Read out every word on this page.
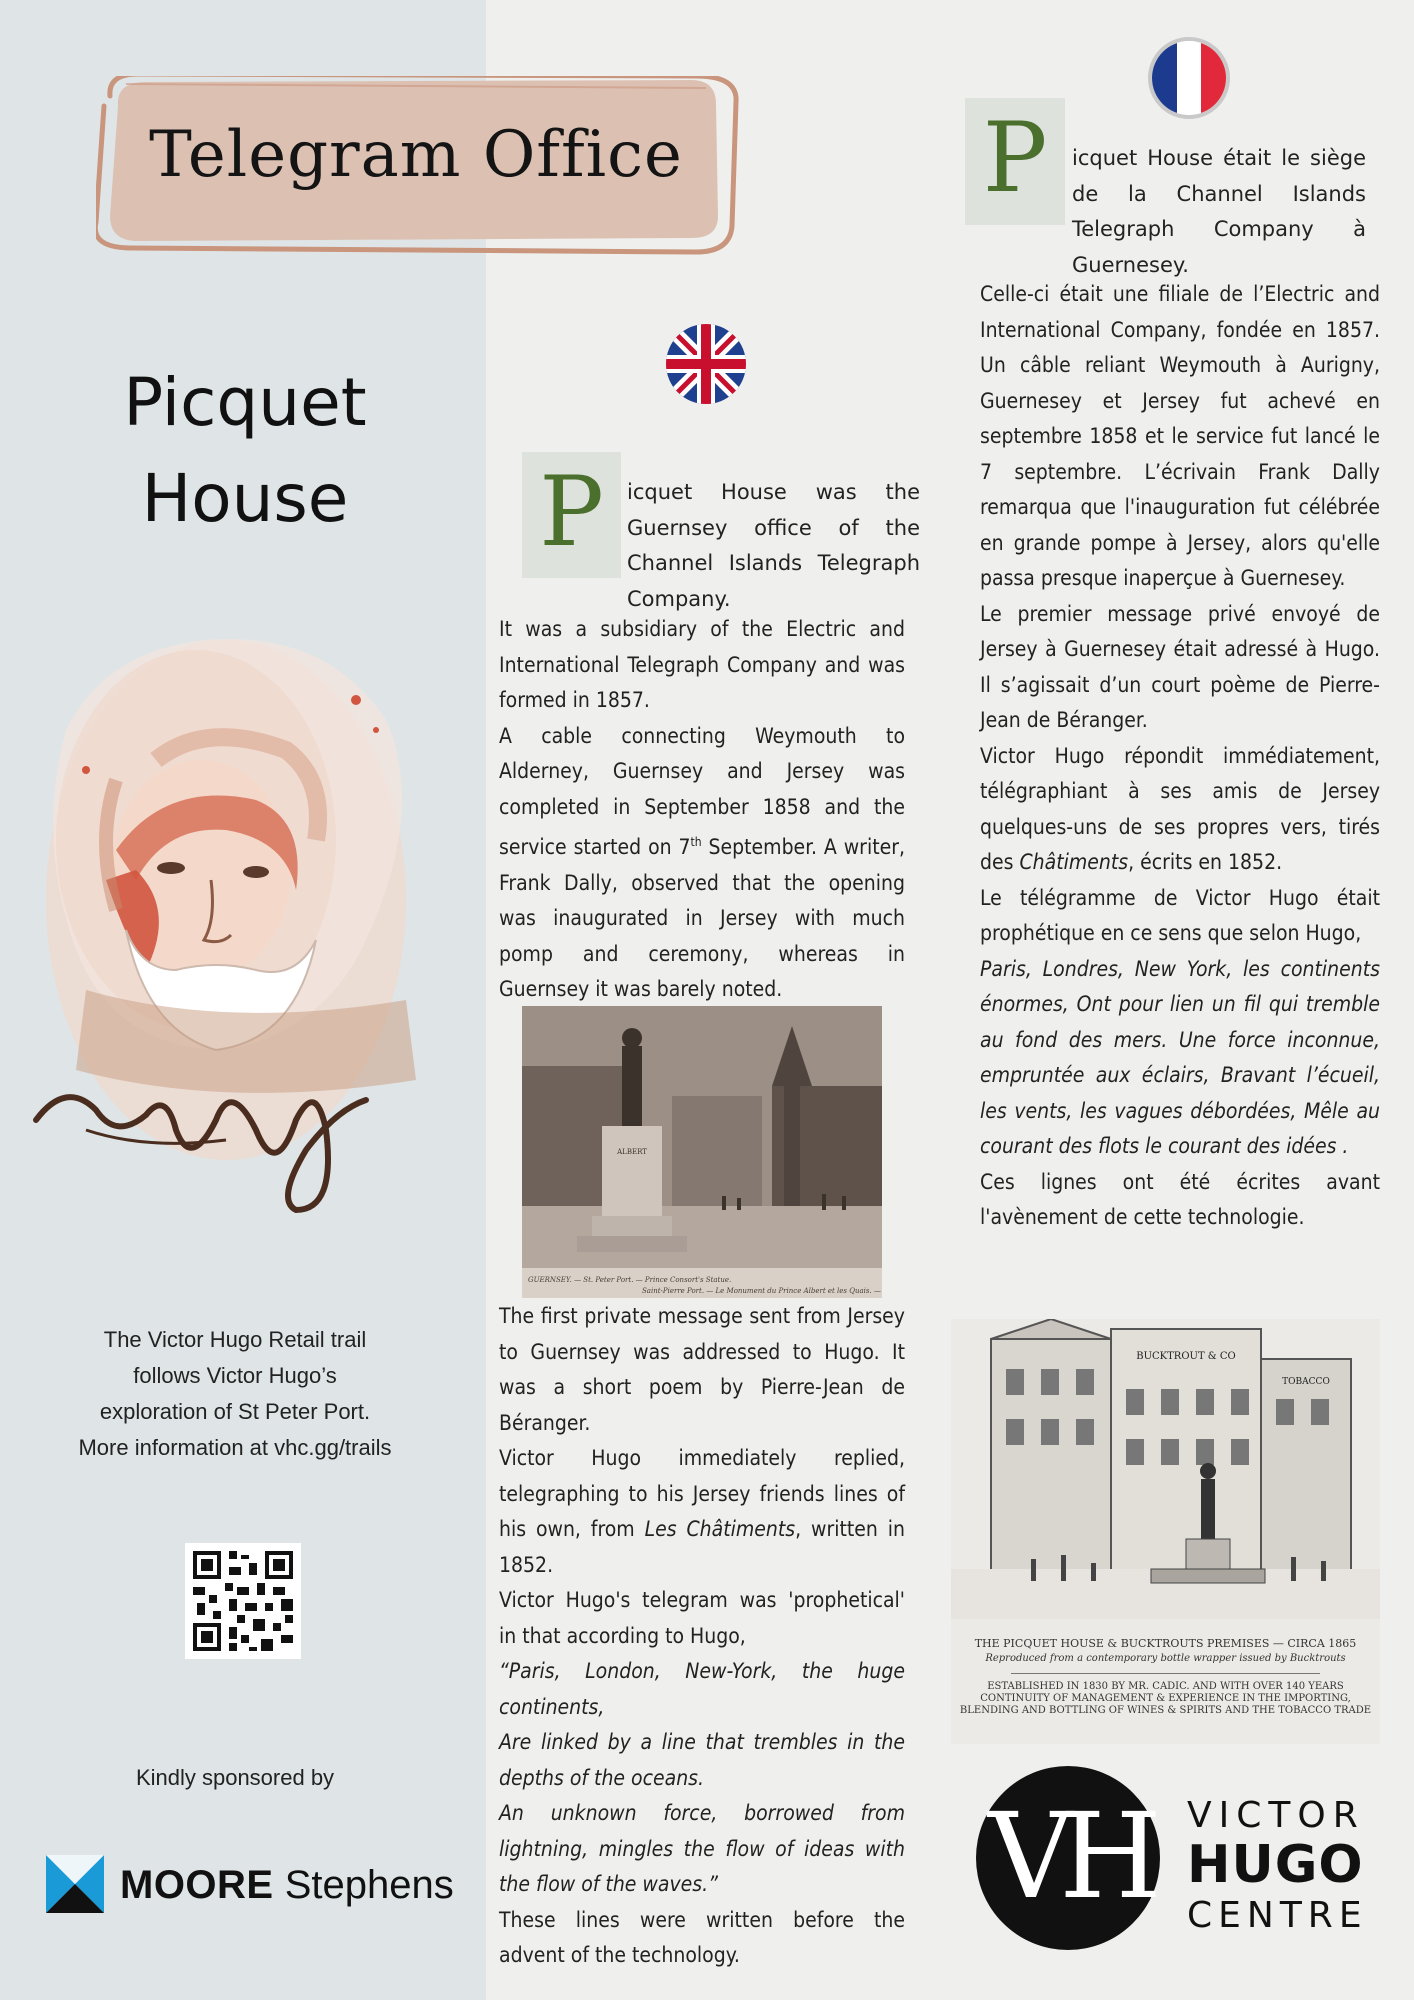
Telegram Office
Picquet
House
The Victor Hugo Retail trail
follows Victor Hugo’s
exploration of St Peter Port.
More information at vhc.gg/trails
Kindly sponsored by
MOORE Stephens
P	icquet House was the Guernsey office of the Channel Islands Telegraph Company.

It was a subsidiary of the Electric and International Telegraph Company and was formed in 1857.

A cable connecting Weymouth to Alderney, Guernsey and Jersey was completed in September 1858 and the service started on 7th September. A writer, Frank Dally, observed that the opening was inaugurated in Jersey with much pomp and ceremony, whereas in Guernsey it was barely noted.

ALBERT
GUERNSEY. — St. Peter Port. — Prince Consort's Statue.
Saint-Pierre Port. — Le Monument du Prince Albert et les Quais. —

The first private message sent from Jersey to Guernsey was addressed to Hugo. It was a short poem by Pierre-Jean de Béranger.

Victor Hugo immediately replied, telegraphing to his Jersey friends lines of his own, from Les Châtiments, written in 1852.

Victor Hugo's telegram was 'prophetical' in that according to Hugo,

“Paris, London, New-York, the huge continents,

Are linked by a line that trembles in the depths of the oceans.

An unknown force, borrowed from lightning, mingles the flow of ideas with the flow of the waves.”

These lines were written before the advent of the technology.

P	icquet House était le siège de la Channel Islands Telegraph Company à Guernesey.

Celle-ci était une filiale de l’Electric and International Company, fondée en 1857. Un câble reliant Weymouth à Aurigny, Guernesey et Jersey fut achevé en septembre 1858 et le service fut lancé le 7 septembre. L’écrivain Frank Dally remarqua que l'inauguration fut célébrée en grande pompe à Jersey, alors qu'elle passa presque inaperçue à Guernesey.

Le premier message privé envoyé de Jersey à Guernesey était adressé à Hugo. Il s’agissait d’un court poème de Pierre-Jean de Béranger.

Victor Hugo répondit immédiatement, télégraphiant à ses amis de Jersey quelques-uns de ses propres vers, tirés des Châtiments, écrits en 1852.

Le télégramme de Victor Hugo était prophétique en ce sens que selon Hugo,

Paris, Londres, New York, les continents énormes, Ont pour lien un fil qui tremble au fond des mers. Une force inconnue, empruntée aux éclairs, Bravant l’écueil, les vents, les vagues débordées, Mêle au courant des flots le courant des idées .

Ces lignes ont été écrites avant l'avènement de cette technologie.

BUCKTROUT & CO
TOBACCO
THE PICQUET HOUSE & BUCKTROUTS PREMISES — CIRCA 1865
Reproduced from a contemporary bottle wrapper issued by Bucktrouts
ESTABLISHED IN 1830 BY MR. CADIC. AND WITH OVER 140 YEARS CONTINUITY OF MANAGEMENT & EXPERIENCE IN THE IMPORTING, BLENDING AND BOTTLING OF WINES & SPIRITS AND THE TOBACCO TRADE
VH VICTOR
HUGO
CENTRE
